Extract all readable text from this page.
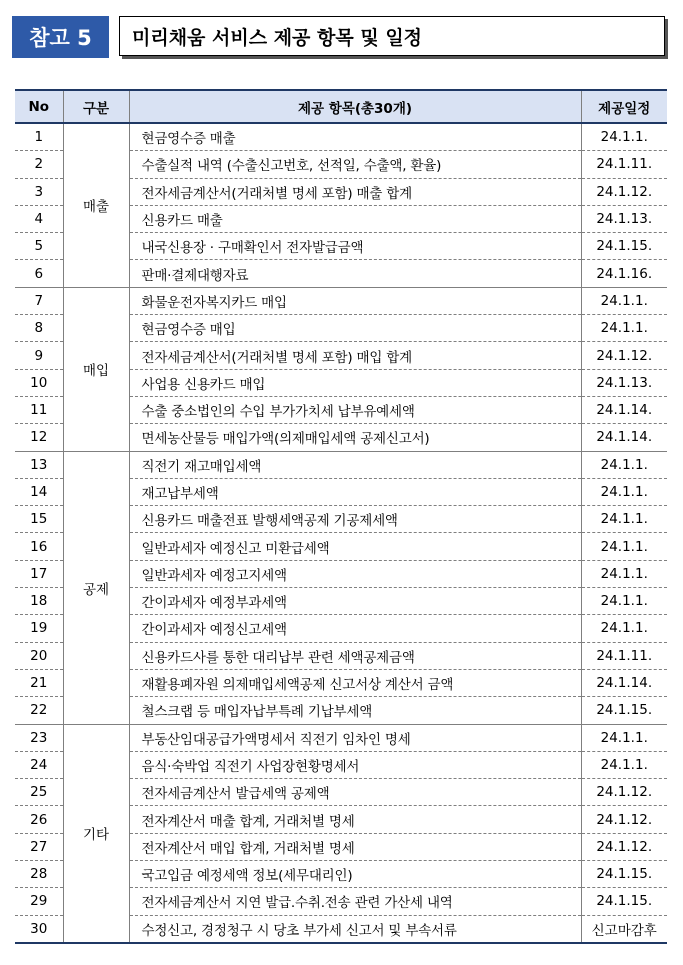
참고 5	미리채움 서비스 제공 항목 및 일정
No	구분	제공 항목(총30개)	제공일정
1	매출	현금영수증 매출	24.1.1.
2		수출실적 내역 (수출신고번호, 선적일, 수출액, 환율)	24.1.11.
3		전자세금계산서(거래처별 명세 포함) 매출 합계	24.1.12.
4		신용카드 매출	24.1.13.
5		내국신용장 · 구매확인서 전자발급금액	24.1.15.
6		판매·결제대행자료	24.1.16.
7	매입	화물운전자복지카드 매입	24.1.1.
8		현금영수증 매입	24.1.1.
9		전자세금계산서(거래처별 명세 포함) 매입 합계	24.1.12.
10		사업용 신용카드 매입	24.1.13.
11		수출 중소법인의 수입 부가가치세 납부유예세액	24.1.14.
12		면세농산물등 매입가액(의제매입세액 공제신고서)	24.1.14.
13	공제	직전기 재고매입세액	24.1.1.
14		재고납부세액	24.1.1.
15		신용카드 매출전표 발행세액공제 기공제세액	24.1.1.
16		일반과세자 예정신고 미환급세액	24.1.1.
17		일반과세자 예정고지세액	24.1.1.
18		간이과세자 예정부과세액	24.1.1.
19		간이과세자 예정신고세액	24.1.1.
20		신용카드사를 통한 대리납부 관련 세액공제금액	24.1.11.
21		재활용폐자원 의제매입세액공제 신고서상 계산서 금액	24.1.14.
22		철스크랩 등 매입자납부특례 기납부세액	24.1.15.
23	기타	부동산임대공급가액명세서 직전기 임차인 명세	24.1.1.
24		음식·숙박업 직전기 사업장현황명세서	24.1.1.
25		전자세금계산서 발급세액 공제액	24.1.12.
26		전자계산서 매출 합계, 거래처별 명세	24.1.12.
27		전자계산서 매입 합계, 거래처별 명세	24.1.12.
28		국고입금 예정세액 정보(세무대리인)	24.1.15.
29		전자세금계산서 지연 발급.수취.전송 관련 가산세 내역	24.1.15.
30		수정신고, 경정청구 시 당초 부가세 신고서 및 부속서류	신고마감후
